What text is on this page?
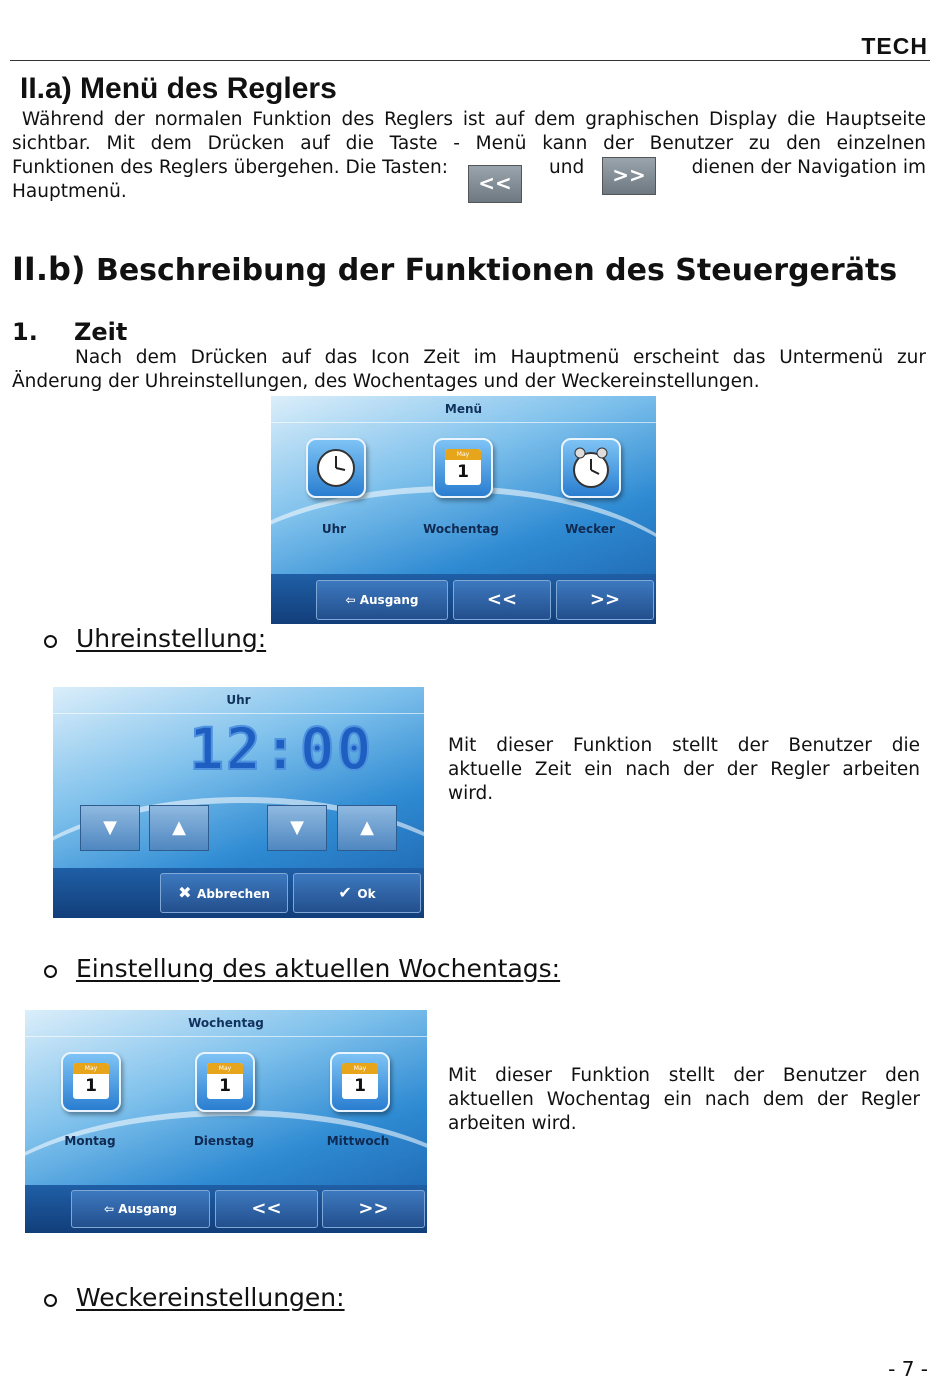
TECH
II.a) Menü des Reglers
Während der normalen Funktion des Reglers ist auf dem graphischen Display die Hauptseite
sichtbar. Mit dem Drücken auf die Taste - Menü kann der Benutzer zu den einzelnen
Funktionen des Reglers übergehen. Die Tasten:	und	dienen der Navigation im
Hauptmenü.	<<	>>
II.b) Beschreibung der Funktionen des Steuergeräts
1. Zeit
Nach dem Drücken auf das Icon Zeit im Hauptmenü erscheint das Untermenü zur
Änderung der Uhreinstellungen, des Wochentages und der Weckereinstellungen.
Menü
Uhr
May
1
Wochentag	Wecker
⇦ Ausgang	<<	>>
Uhreinstellung:
Uhr
12:00
▼	▲	▼	▲
✖ Abbrechen	✔ Ok
Mit dieser Funktion stellt der Benutzer die
aktuelle Zeit ein nach der der Regler arbeiten
wird.
Einstellung des aktuellen Wochentags:
Wochentag
May
1
Montag
May
1
Dienstag
May
1
Mittwoch
⇦ Ausgang	<<	>>
Mit dieser Funktion stellt der Benutzer den
aktuellen Wochentag ein nach dem der Regler
arbeiten wird.
Weckereinstellungen:
- 7 -
